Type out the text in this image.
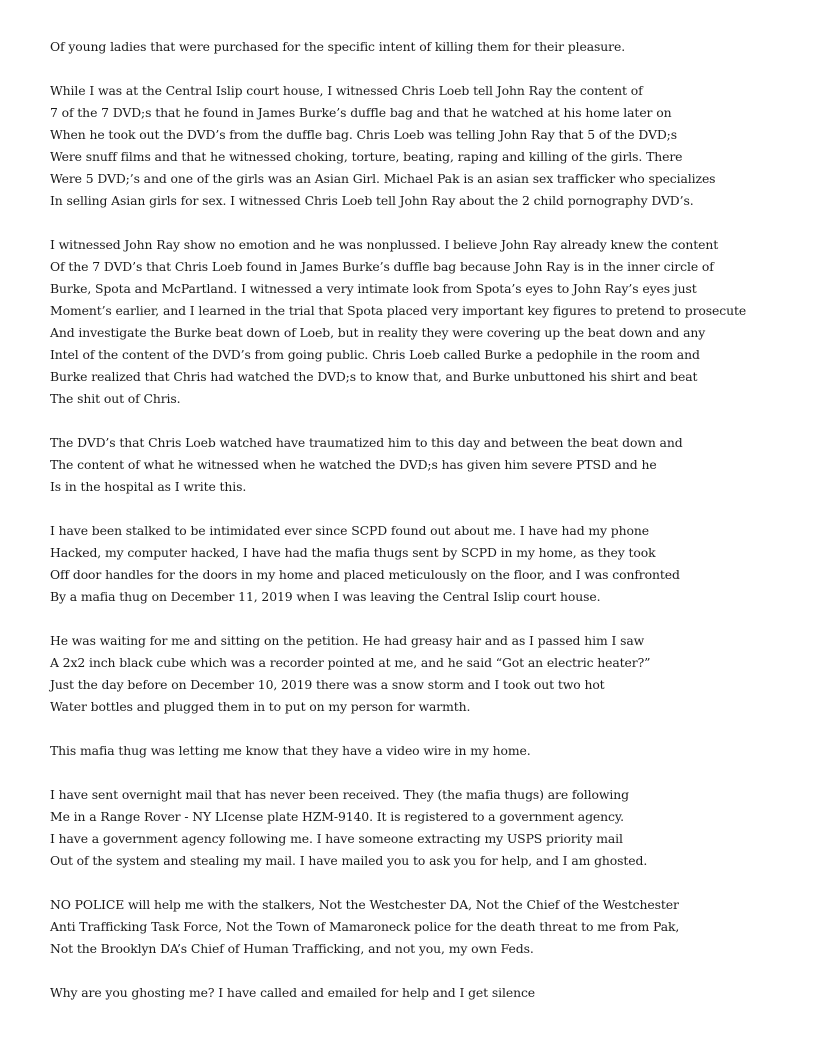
Of young ladies that were purchased for the specific intent of killing them for their pleasure.
While I was at the Central Islip court house, I witnessed Chris Loeb tell John Ray the content of
7 of the 7 DVD;s that he found in James Burke’s duffle bag and that he watched at his home later on
When he took out the DVD’s from the duffle bag. Chris Loeb was telling John Ray that 5 of the DVD;s
Were snuff films and that he witnessed choking, torture, beating, raping and killing of the girls. There
Were 5 DVD;’s and one of the girls was an Asian Girl. Michael Pak is an asian sex trafficker who specializes
In selling Asian girls for sex. I witnessed Chris Loeb tell John Ray about the 2 child pornography DVD’s.
I witnessed John Ray show no emotion and he was nonplussed. I believe John Ray already knew the content
Of the 7 DVD’s that Chris Loeb found in James Burke’s duffle bag because John Ray is in the inner circle of
Burke, Spota and McPartland. I witnessed a very intimate look from Spota’s eyes to John Ray’s eyes just
Moment’s earlier, and I learned in the trial that Spota placed very important key figures to pretend to prosecute
And investigate the Burke beat down of Loeb, but in reality they were covering up the beat down and any
Intel of the content of the DVD’s from going public. Chris Loeb called Burke a pedophile in the room and
Burke realized that Chris had watched the DVD;s to know that, and Burke unbuttoned his shirt and beat
The shit out of Chris.
The DVD’s that Chris Loeb watched have traumatized him to this day and between the beat down and
The content of what he witnessed when he watched the DVD;s has given him severe PTSD and he
Is in the hospital as I write this.
I have been stalked to be intimidated ever since SCPD found out about me. I have had my phone
Hacked, my computer hacked, I have had the mafia thugs sent by SCPD in my home, as they took
Off door handles for the doors in my home and placed meticulously on the floor, and I was confronted
By a mafia thug on December 11, 2019 when I was leaving the Central Islip court house.
He was waiting for me and sitting on the petition. He had greasy hair and as I passed him I saw
A 2x2 inch black cube which was a recorder pointed at me, and he said “Got an electric heater?”
Just the day before on December 10, 2019 there was a snow storm and I took out two hot
Water bottles and plugged them in to put on my person for warmth.
This mafia thug was letting me know that they have a video wire in my home.
I have sent overnight mail that has never been received. They (the mafia thugs) are following
Me in a Range Rover - NY LIcense plate HZM-9140. It is registered to a government agency.
I have a government agency following me. I have someone extracting my USPS priority mail
Out of the system and stealing my mail. I have mailed you to ask you for help, and I am ghosted.
NO POLICE will help me with the stalkers, Not the Westchester DA, Not the Chief of the Westchester
Anti Trafficking Task Force, Not the Town of Mamaroneck police for the death threat to me from Pak,
Not the Brooklyn DA’s Chief of Human Trafficking, and not you, my own Feds.
Why are you ghosting me? I have called and emailed for help and I get silence
